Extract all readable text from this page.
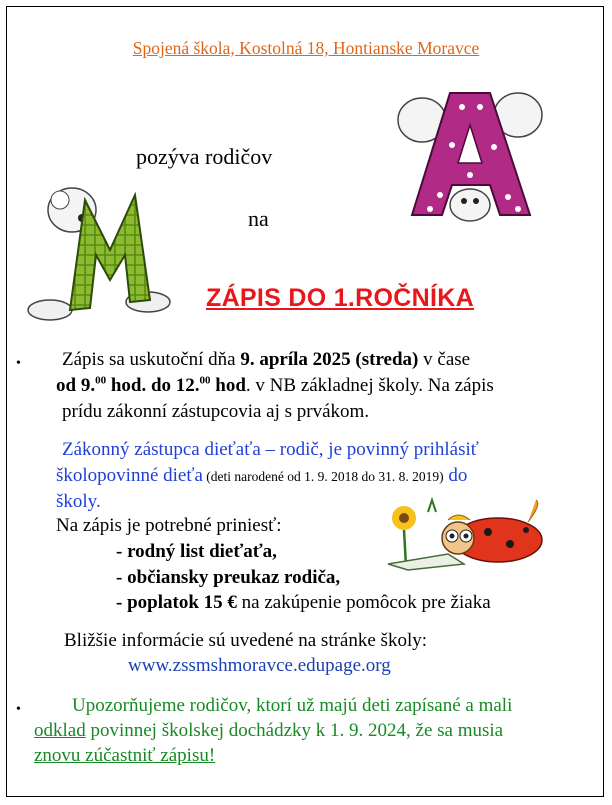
Spojená škola, Kostolná 18, Hontianske Moravce
pozýva rodičov
na
ZÁPIS DO 1.ROČNÍKA
• Zápis sa uskutoční dňa 9. apríla 2025 (streda) v čase
od 9.00 hod. do 12.00 hod. v NB základnej školy. Na zápis
prídu zákonní zástupcovia aj s prvákom.
Zákonný zástupca dieťaťa – rodič, je povinný prihlásiť
školopovinné dieťa (deti narodené od 1. 9. 2018 do 31. 8. 2019) do
školy.
Na zápis je potrebné priniesť:
- rodný list dieťaťa,
- občiansky preukaz rodiča,
- poplatok 15 € na zakúpenie pomôcok pre žiaka
Bližšie informácie sú uvedené na stránke školy:
www.zssmshmoravce.edupage.org
•	Upozorňujeme rodičov, ktorí už majú deti zapísané a mali
odklad povinnej školskej dochádzky k 1. 9. 2024, že sa musia
znovu zúčastniť zápisu!
